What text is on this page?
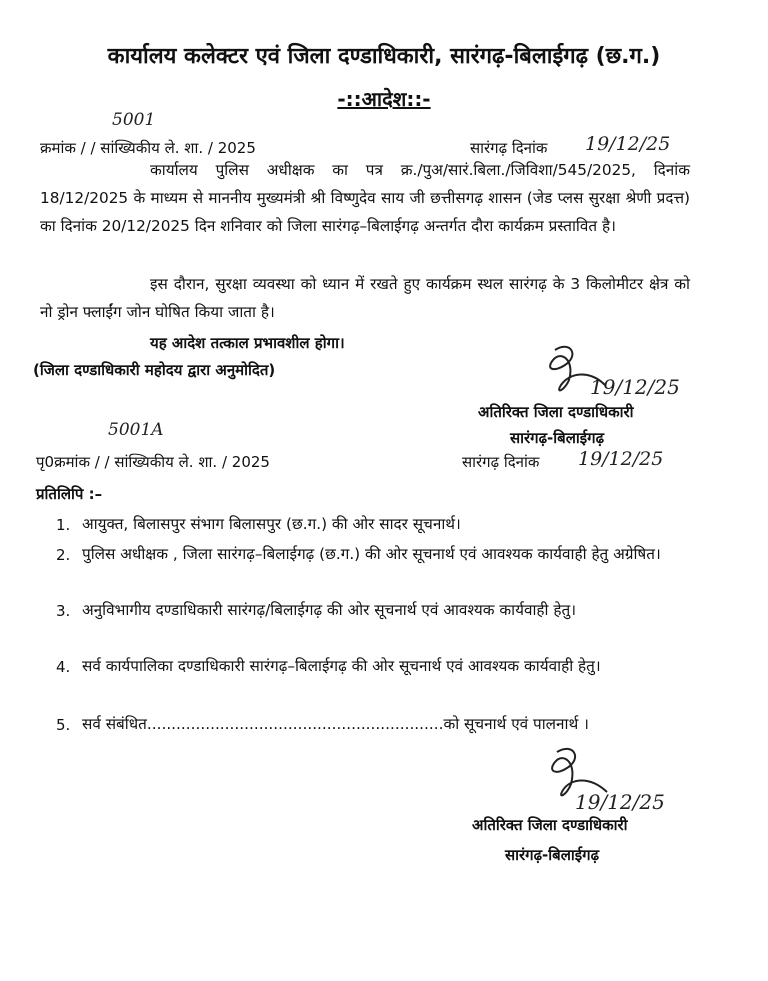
कार्यालय कलेक्टर एवं जिला दण्डाधिकारी, सारंगढ़-बिलाईगढ़ (छ.ग.)
-::आदेश::-
5001
क्रमांक / / सांख्यिकीय ले. शा. / 2025	सारंगढ़ दिनांक 19/12/25
कार्यालय पुलिस अधीक्षक का पत्र क्र./पुअ/सारं.बिला./जिविशा/545/2025, दिनांक 18/12/2025 के माध्यम से माननीय मुख्यमंत्री श्री विष्णुदेव साय जी छत्तीसगढ़ शासन (जेड प्लस सुरक्षा श्रेणी प्रदत्त) का दिनांक 20/12/2025 दिन शनिवार को जिला सारंगढ़–बिलाईगढ़ अन्तर्गत दौरा कार्यक्रम प्रस्तावित है।
इस दौरान, सुरक्षा व्यवस्था को ध्यान में रखते हुए कार्यक्रम स्थल सारंगढ़ के 3 किलोमीटर क्षेत्र को नो ड्रोन फ्लाईंग जोन घोषित किया जाता है।
यह आदेश तत्काल प्रभावशील होगा।
(जिला दण्डाधिकारी महोदय द्वारा अनुमोदित)
19/12/25
अतिरिक्त जिला दण्डाधिकारी
सारंगढ़-बिलाईगढ़
5001A
पृ0क्रमांक / / सांख्यिकीय ले. शा. / 2025	सारंगढ़ दिनांक 19/12/25
प्रतिलिपि :–
1. आयुक्त, बिलासपुर संभाग बिलासपुर (छ.ग.) की ओर सादर सूचनार्थ।
2. पुलिस अधीक्षक , जिला सारंगढ़–बिलाईगढ़ (छ.ग.) की ओर सूचनार्थ एवं आवश्यक कार्यवाही हेतु अग्रेषित।
3. अनुविभागीय दण्डाधिकारी सारंगढ़/बिलाईगढ़ की ओर सूचनार्थ एवं आवश्यक कार्यवाही हेतु।
4. सर्व कार्यपालिका दण्डाधिकारी सारंगढ़–बिलाईगढ़ की ओर सूचनार्थ एवं आवश्यक कार्यवाही हेतु।
5. सर्व संबंधित.............................................................को सूचनार्थ एवं पालनार्थ ।
19/12/25
अतिरिक्त जिला दण्डाधिकारी
सारंगढ़-बिलाईगढ़
